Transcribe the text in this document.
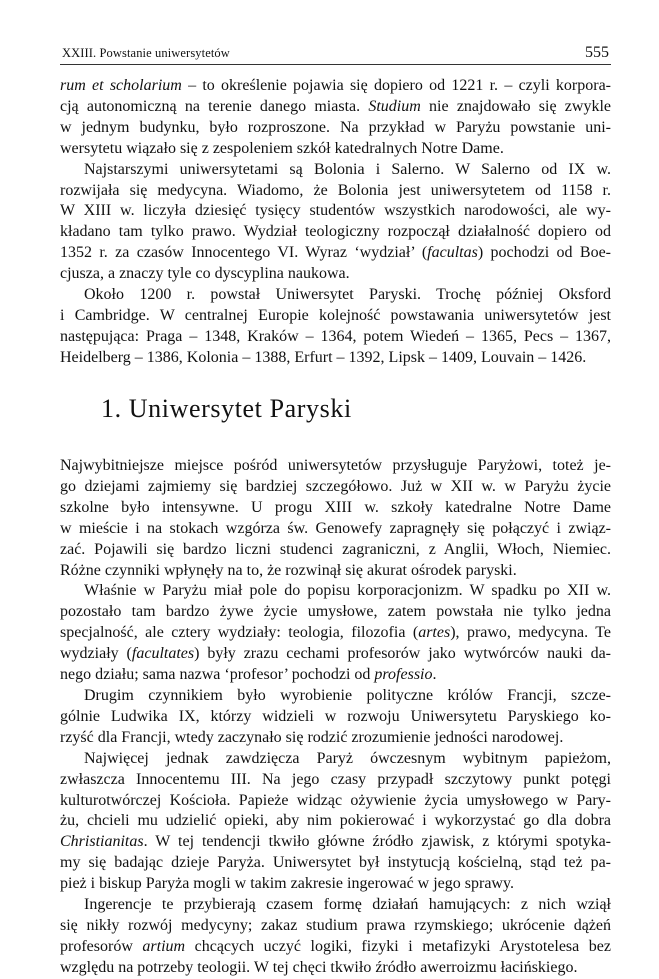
XXIII. Powstanie uniwersytetów	555
rum et scholarium – to określenie pojawia się dopiero od 1221 r. – czyli korpora-
cją autonomiczną na terenie danego miasta. Studium nie znajdowało się zwykle
w jednym budynku, było rozproszone. Na przykład w Paryżu powstanie uni-
wersytetu wiązało się z zespoleniem szkół katedralnych Notre Dame.
Najstarszymi uniwersytetami są Bolonia i Salerno. W Salerno od IX w.
rozwijała się medycyna. Wiadomo, że Bolonia jest uniwersytetem od 1158 r.
W XIII w. liczyła dziesięć tysięcy studentów wszystkich narodowości, ale wy-
kładano tam tylko prawo. Wydział teologiczny rozpoczął działalność dopiero od
1352 r. za czasów Innocentego VI. Wyraz ‘wydział’ (facultas) pochodzi od Boe-
cjusza, a znaczy tyle co dyscyplina naukowa.
Około 1200 r. powstał Uniwersytet Paryski. Trochę później Oksford
i Cambridge. W centralnej Europie kolejność powstawania uniwersytetów jest
następująca: Praga – 1348, Kraków – 1364, potem Wiedeń – 1365, Pecs – 1367,
Heidelberg – 1386, Kolonia – 1388, Erfurt – 1392, Lipsk – 1409, Louvain – 1426.
1. Uniwersytet Paryski
Najwybitniejsze miejsce pośród uniwersytetów przysługuje Paryżowi, toteż je-
go dziejami zajmiemy się bardziej szczegółowo. Już w XII w. w Paryżu życie
szkolne było intensywne. U progu XIII w. szkoły katedralne Notre Dame
w mieście i na stokach wzgórza św. Genowefy zapragnęły się połączyć i związ-
zać. Pojawili się bardzo liczni studenci zagraniczni, z Anglii, Włoch, Niemiec.
Różne czynniki wpłynęły na to, że rozwinął się akurat ośrodek paryski.
Właśnie w Paryżu miał pole do popisu korporacjonizm. W spadku po XII w.
pozostało tam bardzo żywe życie umysłowe, zatem powstała nie tylko jedna
specjalność, ale cztery wydziały: teologia, filozofia (artes), prawo, medycyna. Te
wydziały (facultates) były zrazu cechami profesorów jako wytwórców nauki da-
nego działu; sama nazwa ‘profesor’ pochodzi od professio.
Drugim czynnikiem było wyrobienie polityczne królów Francji, szcze-
gólnie Ludwika IX, którzy widzieli w rozwoju Uniwersytetu Paryskiego ko-
rzyść dla Francji, wtedy zaczynało się rodzić zrozumienie jedności narodowej.
Najwięcej jednak zawdzięcza Paryż ówczesnym wybitnym papieżom,
zwłaszcza Innocentemu III. Na jego czasy przypadł szczytowy punkt potęgi
kulturotwórczej Kościoła. Papieże widząc ożywienie życia umysłowego w Pary-
żu, chcieli mu udzielić opieki, aby nim pokierować i wykorzystać go dla dobra
Christianitas. W tej tendencji tkwiło główne źródło zjawisk, z którymi spotyka-
my się badając dzieje Paryża. Uniwersytet był instytucją kościelną, stąd też pa-
pież i biskup Paryża mogli w takim zakresie ingerować w jego sprawy.
Ingerencje te przybierają czasem formę działań hamujących: z nich wziął
się nikły rozwój medycyny; zakaz studium prawa rzymskiego; ukrócenie dążeń
profesorów artium chcących uczyć logiki, fizyki i metafizyki Arystotelesa bez
względu na potrzeby teologii. W tej chęci tkwiło źródło awerroizmu łacińskiego.
